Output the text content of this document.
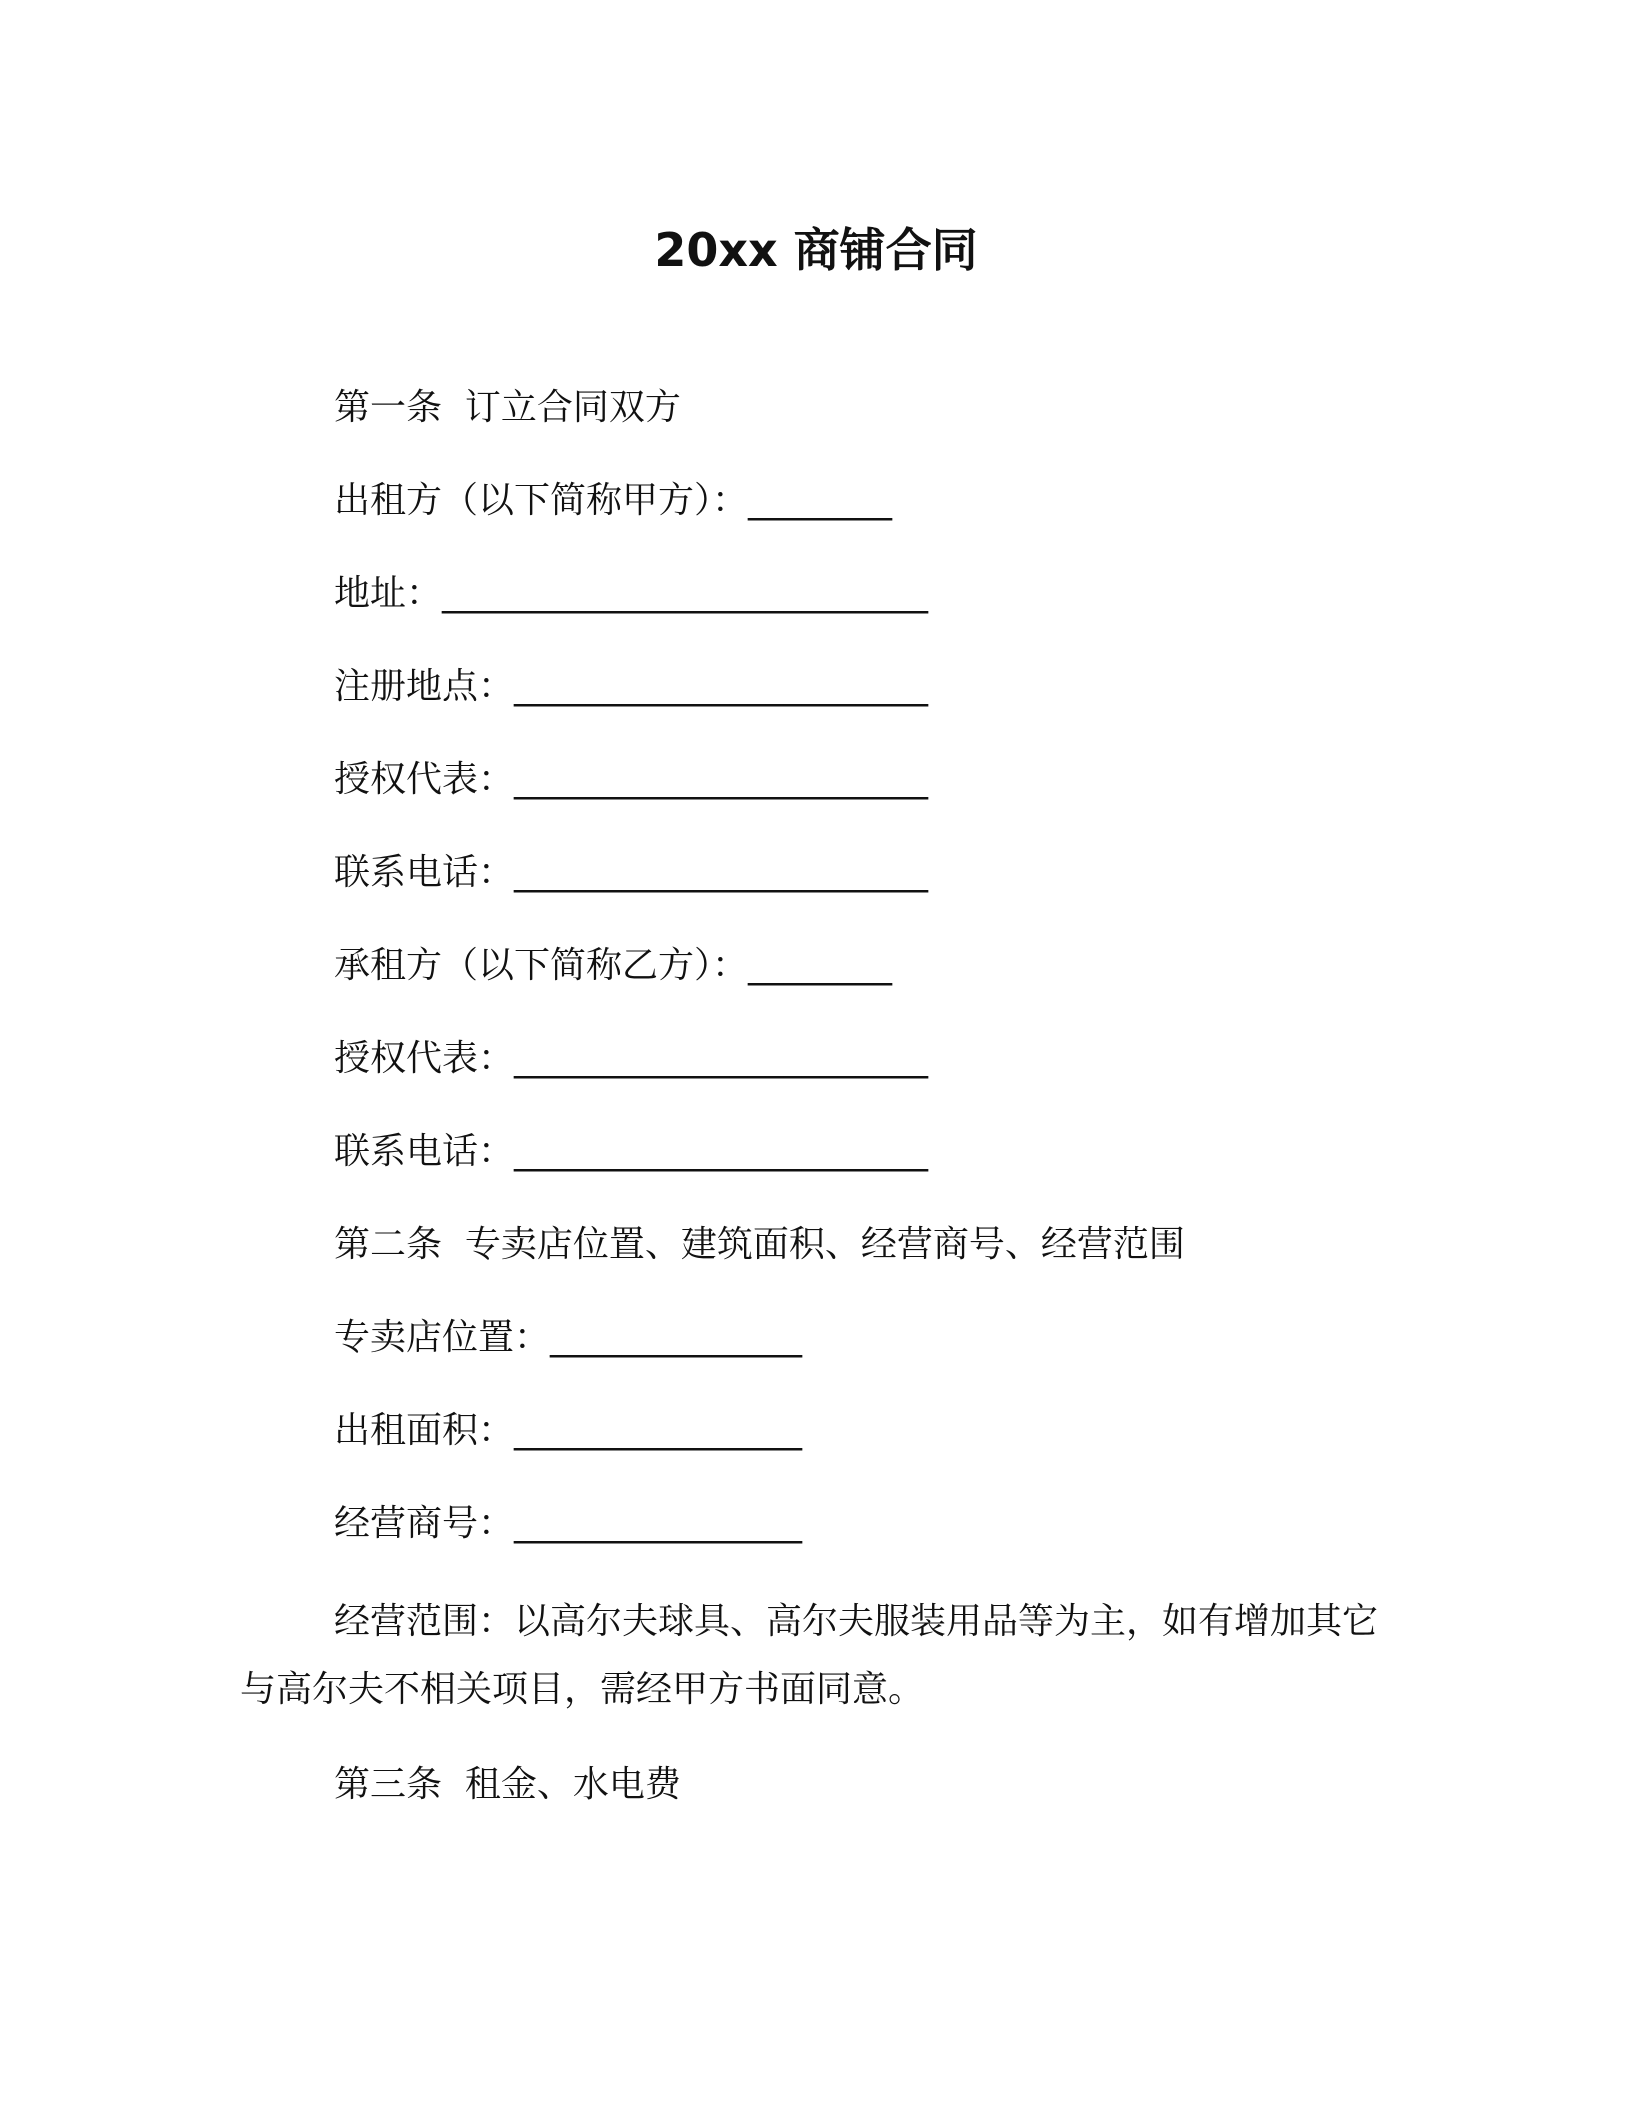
20xx 商铺合同
第一条  订立合同双方
出租方（以下简称甲方）：________
地址：___________________________
注册地点：_______________________
授权代表：_______________________
联系电话：_______________________
承租方（以下简称乙方）：________
授权代表：_______________________
联系电话：_______________________
第二条  专卖店位置、建筑面积、经营商号、经营范围
专卖店位置：______________
出租面积：________________
经营商号：________________
经营范围：以高尔夫球具、高尔夫服装用品等为主，如有增加其它与高尔夫不相关项目，需经甲方书面同意。
第三条  租金、水电费
